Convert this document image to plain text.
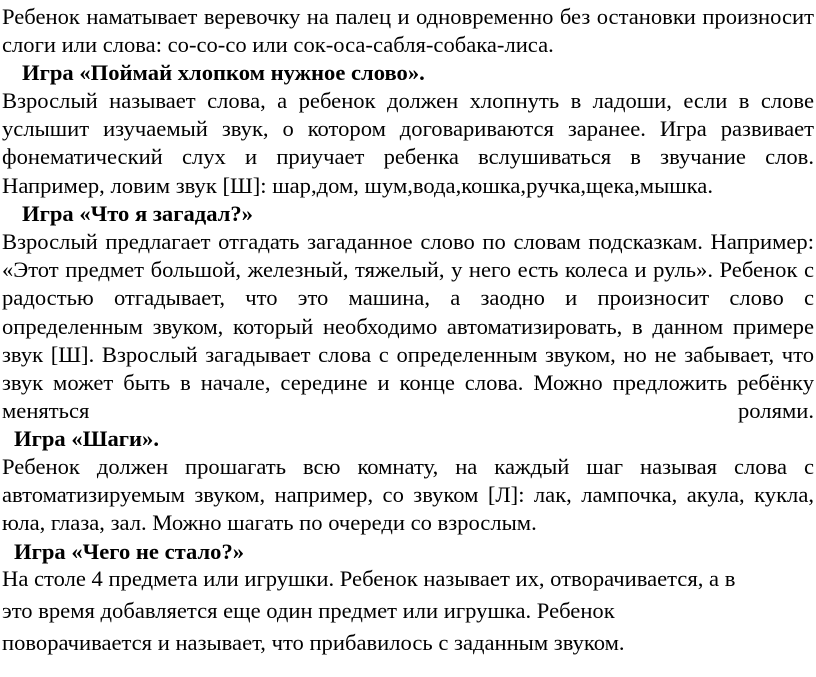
Ребенок наматывает веревочку на палец и одновременно без остановки произносит слоги или слова: со-со-со или сок-оса-сабля-собака-лиса.
Игра «Поймай хлопком нужное слово».
Взрослый называет слова, а ребенок должен хлопнуть в ладоши, если в слове услышит изучаемый звук, о котором договариваются заранее. Игра развивает фонематический слух и приучает ребенка вслушиваться в звучание слов. Например, ловим звук [Ш]: шар,дом, шум,вода,кошка,ручка,щека,мышка.
Игра «Что я загадал?»
Взрослый предлагает отгадать загаданное слово по словам подсказкам. Например: «Этот предмет большой, железный, тяжелый, у него есть колеса и руль». Ребенок с радостью отгадывает, что это машина, а заодно и произносит слово с определенным звуком, который необходимо автоматизировать, в данном примере звук [Ш]. Взрослый загадывает слова с определенным звуком, но не забывает, что звук может быть в начале, середине и конце слова. Можно предложить ребёнку меняться ролями.
Игра «Шаги».
Ребенок должен прошагать всю комнату, на каждый шаг называя слова с автоматизируемым звуком, например, со звуком [Л]: лак, лампочка, акула, кукла, юла, глаза, зал. Можно шагать по очереди со взрослым.
Игра «Чего не стало?»
На столе 4 предмета или игрушки. Ребенок называет их, отворачивается, а в
это время добавляется еще один предмет или игрушка. Ребенок
поворачивается и называет, что прибавилось с заданным звуком.
